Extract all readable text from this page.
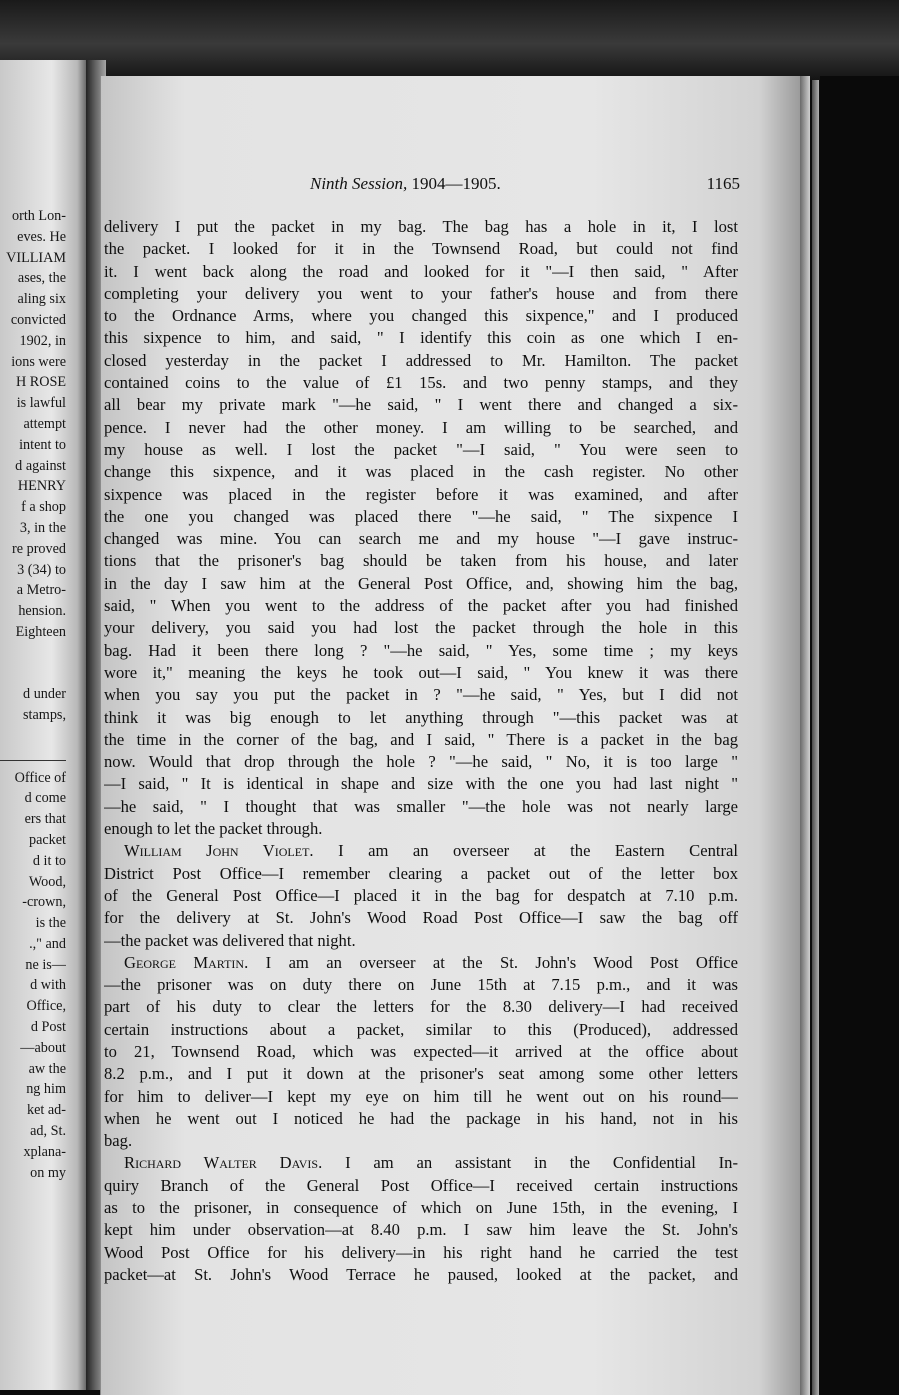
orth Lon-
eves. He
VILLIAM
ases, the
aling six
convicted
1902, in
ions were
H ROSE
is lawful
attempt
intent to
d against
HENRY
f a shop
3, in the
re proved
3 (34) to
a Metro-
hension.
Eighteen

d under
stamps,

Office of
d come
ers that
packet
d it to
Wood,
-crown,
is the
.," and
ne is—
d with
Office,
d Post
—about
aw the
ng him
ket ad-
ad, St.
xplana-
on my
Ninth Session, 1904—1905.	1165
delivery I put the packet in my bag. The bag has a hole in it, I lost
the packet. I looked for it in the Townsend Road, but could not find
it. I went back along the road and looked for it "—I then said, " After
completing your delivery you went to your father's house and from there
to the Ordnance Arms, where you changed this sixpence," and I produced
this sixpence to him, and said, " I identify this coin as one which I en-
closed yesterday in the packet I addressed to Mr. Hamilton. The packet
contained coins to the value of £1 15s. and two penny stamps, and they
all bear my private mark "—he said, " I went there and changed a six-
pence. I never had the other money. I am willing to be searched, and
my house as well. I lost the packet "—I said, " You were seen to
change this sixpence, and it was placed in the cash register. No other
sixpence was placed in the register before it was examined, and after
the one you changed was placed there "—he said, " The sixpence I
changed was mine. You can search me and my house "—I gave instruc-
tions that the prisoner's bag should be taken from his house, and later
in the day I saw him at the General Post Office, and, showing him the bag,
said, " When you went to the address of the packet after you had finished
your delivery, you said you had lost the packet through the hole in this
bag. Had it been there long ? "—he said, " Yes, some time ; my keys
wore it," meaning the keys he took out—I said, " You knew it was there
when you say you put the packet in ? "—he said, " Yes, but I did not
think it was big enough to let anything through "—this packet was at
the time in the corner of the bag, and I said, " There is a packet in the bag
now. Would that drop through the hole ? "—he said, " No, it is too large "
—I said, " It is identical in shape and size with the one you had last night "
—he said, " I thought that was smaller "—the hole was not nearly large
enough to let the packet through.
William John Violet. I am an overseer at the Eastern Central
District Post Office—I remember clearing a packet out of the letter box
of the General Post Office—I placed it in the bag for despatch at 7.10 p.m.
for the delivery at St. John's Wood Road Post Office—I saw the bag off
—the packet was delivered that night.
George Martin. I am an overseer at the St. John's Wood Post Office
—the prisoner was on duty there on June 15th at 7.15 p.m., and it was
part of his duty to clear the letters for the 8.30 delivery—I had received
certain instructions about a packet, similar to this (Produced), addressed
to 21, Townsend Road, which was expected—it arrived at the office about
8.2 p.m., and I put it down at the prisoner's seat among some other letters
for him to deliver—I kept my eye on him till he went out on his round—
when he went out I noticed he had the package in his hand, not in his
bag.
Richard Walter Davis. I am an assistant in the Confidential In-
quiry Branch of the General Post Office—I received certain instructions
as to the prisoner, in consequence of which on June 15th, in the evening, I
kept him under observation—at 8.40 p.m. I saw him leave the St. John's
Wood Post Office for his delivery—in his right hand he carried the test
packet—at St. John's Wood Terrace he paused, looked at the packet, and
